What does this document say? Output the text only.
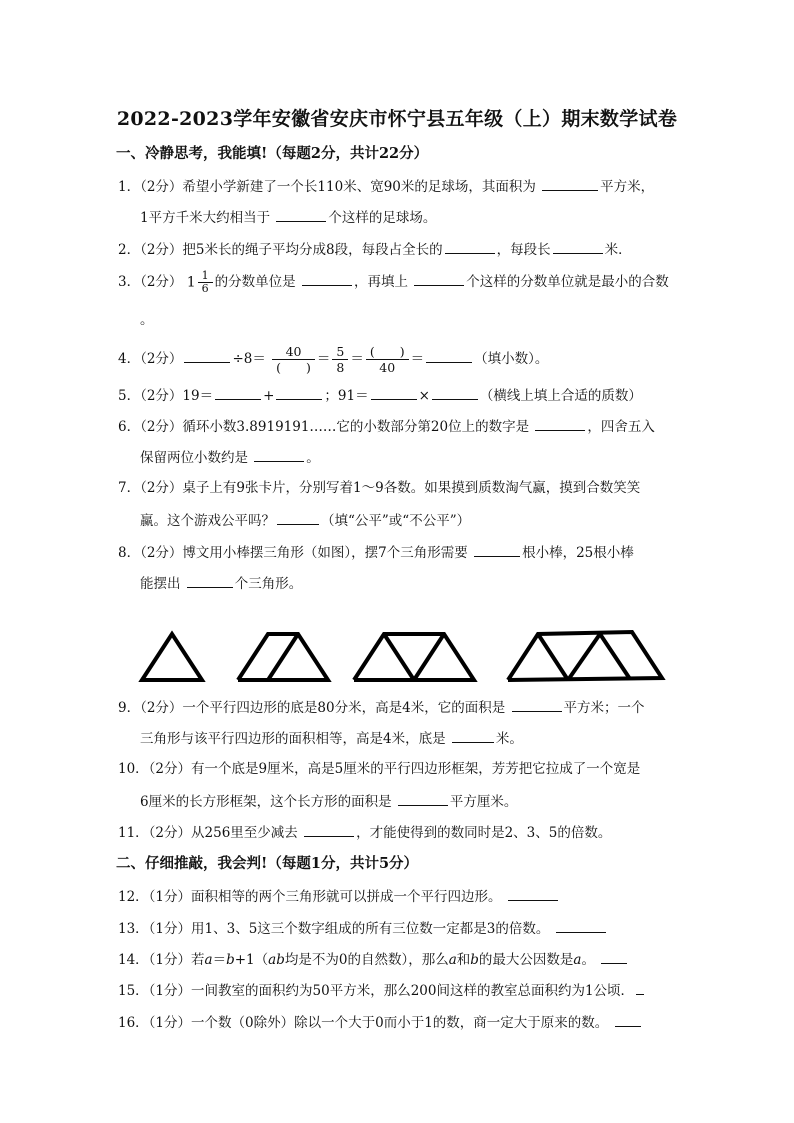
2022-2023学年安徽省安庆市怀宁县五年级（上）期末数学试卷
一、冷静思考，我能填!（每题2分，共计22分）
1．（2分）希望小学新建了一个长110米、宽90米的足球场，其面积为	平方米，
1平方千米大约相当于	个这样的足球场。
2．（2分）把5米长的绳子平均分成8段，每段占全长的	，每段长	米．
3．（2分） $1 \frac{1}{6}$ 的分数单位是	，再填上	个这样的分数单位就是最小的合数
。
4．（2分）	$\div 8= \frac{40}{( )} = \frac{5}{8} = \frac{( )}{40}$ ＝	（填小数）。
5．（2分）19＝	+	；91＝	×	（横线上填上合适的质数）
6．（2分）循环小数3.8919191……它的小数部分第20位上的数字是	，四舍五入
保留两位小数约是	。
7．（2分）桌子上有9张卡片，分别写着1～9各数。如果摸到质数淘气赢，摸到合数笑笑
赢。这个游戏公平吗？	（填“公平”或“不公平”）
8．（2分）博文用小棒摆三角形（如图），摆7个三角形需要	根小棒，25根小棒
能摆出	个三角形。
9．（2分）一个平行四边形的底是80分米，高是4米，它的面积是	平方米；一个
三角形与该平行四边形的面积相等，高是4米，底是	米。
10．（2分）有一个底是9厘米，高是5厘米的平行四边形框架，芳芳把它拉成了一个宽是
6厘米的长方形框架，这个长方形的面积是	平方厘米。
11．（2分）从256里至少减去	，才能使得到的数同时是2、3、5的倍数。
二、仔细推敲，我会判!（每题1分，共计5分）
12．（1分）面积相等的两个三角形就可以拼成一个平行四边形。
13．（1分）用1、3、5这三个数字组成的所有三位数一定都是3的倍数。
14．（1分）若a＝b+1（ab均是不为0的自然数），那么a和b的最大公因数是a。
15．（1分）一间教室的面积约为50平方米，那么200间这样的教室总面积约为1公顷．
16．（1分）一个数（0除外）除以一个大于0而小于1的数，商一定大于原来的数。
